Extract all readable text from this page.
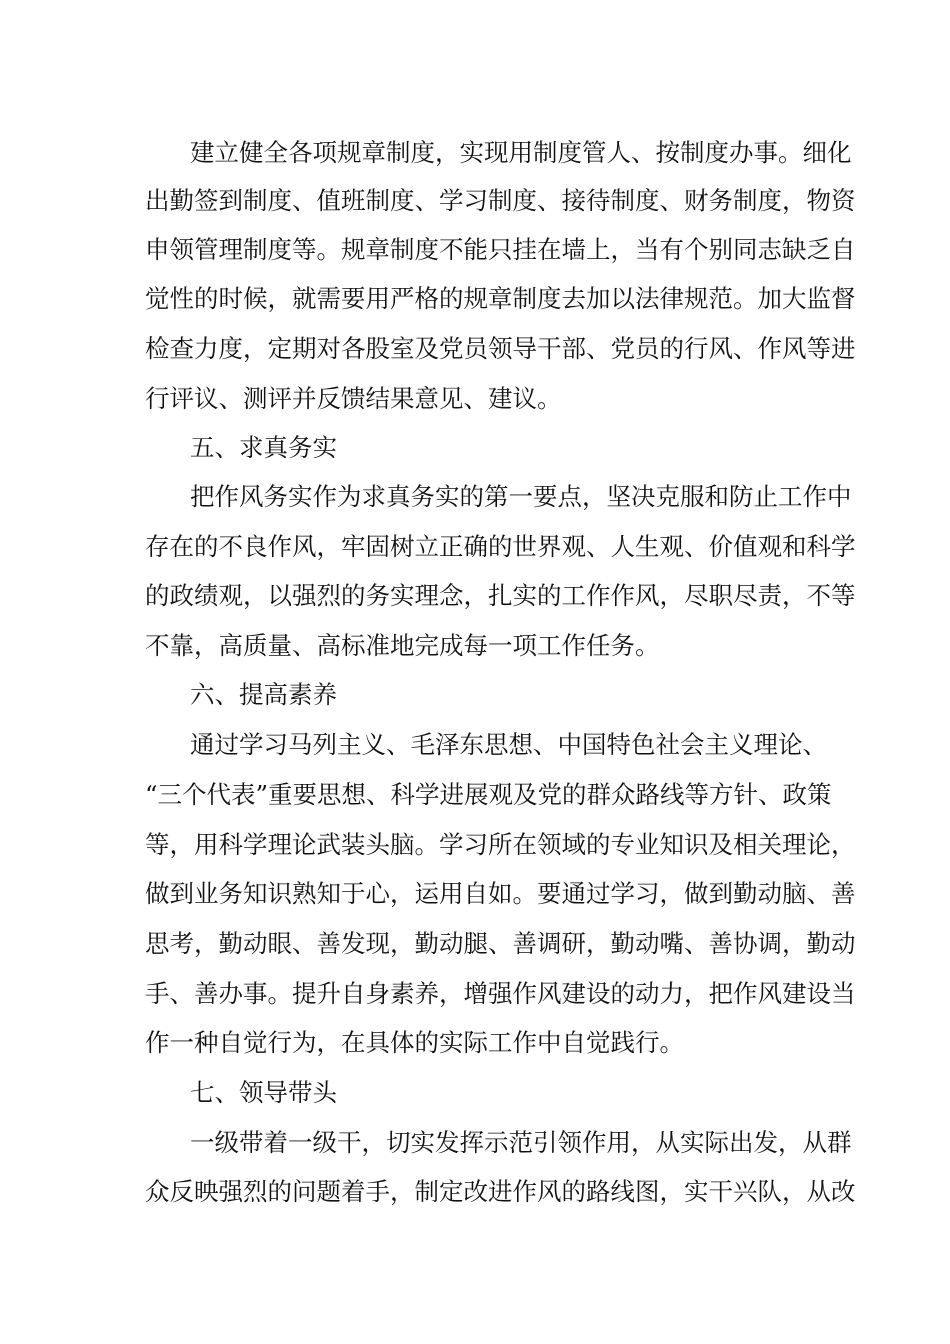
建立健全各项规章制度，实现用制度管人、按制度办事。细化
出勤签到制度、值班制度、学习制度、接待制度、财务制度，物资
申领管理制度等。规章制度不能只挂在墙上，当有个别同志缺乏自
觉性的时候，就需要用严格的规章制度去加以法律规范。加大监督
检查力度，定期对各股室及党员领导干部、党员的行风、作风等进
行评议、测评并反馈结果意见、建议。
五、求真务实
把作风务实作为求真务实的第一要点，坚决克服和防止工作中
存在的不良作风，牢固树立正确的世界观、人生观、价值观和科学
的政绩观，以强烈的务实理念，扎实的工作作风，尽职尽责，不等
不靠，高质量、高标准地完成每一项工作任务。
六、提高素养
通过学习马列主义、毛泽东思想、中国特色社会主义理论、
“三个代表”重要思想、科学进展观及党的群众路线等方针、政策
等，用科学理论武装头脑。学习所在领域的专业知识及相关理论，
做到业务知识熟知于心，运用自如。要通过学习，做到勤动脑、善
思考，勤动眼、善发现，勤动腿、善调研，勤动嘴、善协调，勤动
手、善办事。提升自身素养，增强作风建设的动力，把作风建设当
作一种自觉行为，在具体的实际工作中自觉践行。
七、领导带头
一级带着一级干，切实发挥示范引领作用，从实际出发，从群
众反映强烈的问题着手，制定改进作风的路线图，实干兴队，从改
